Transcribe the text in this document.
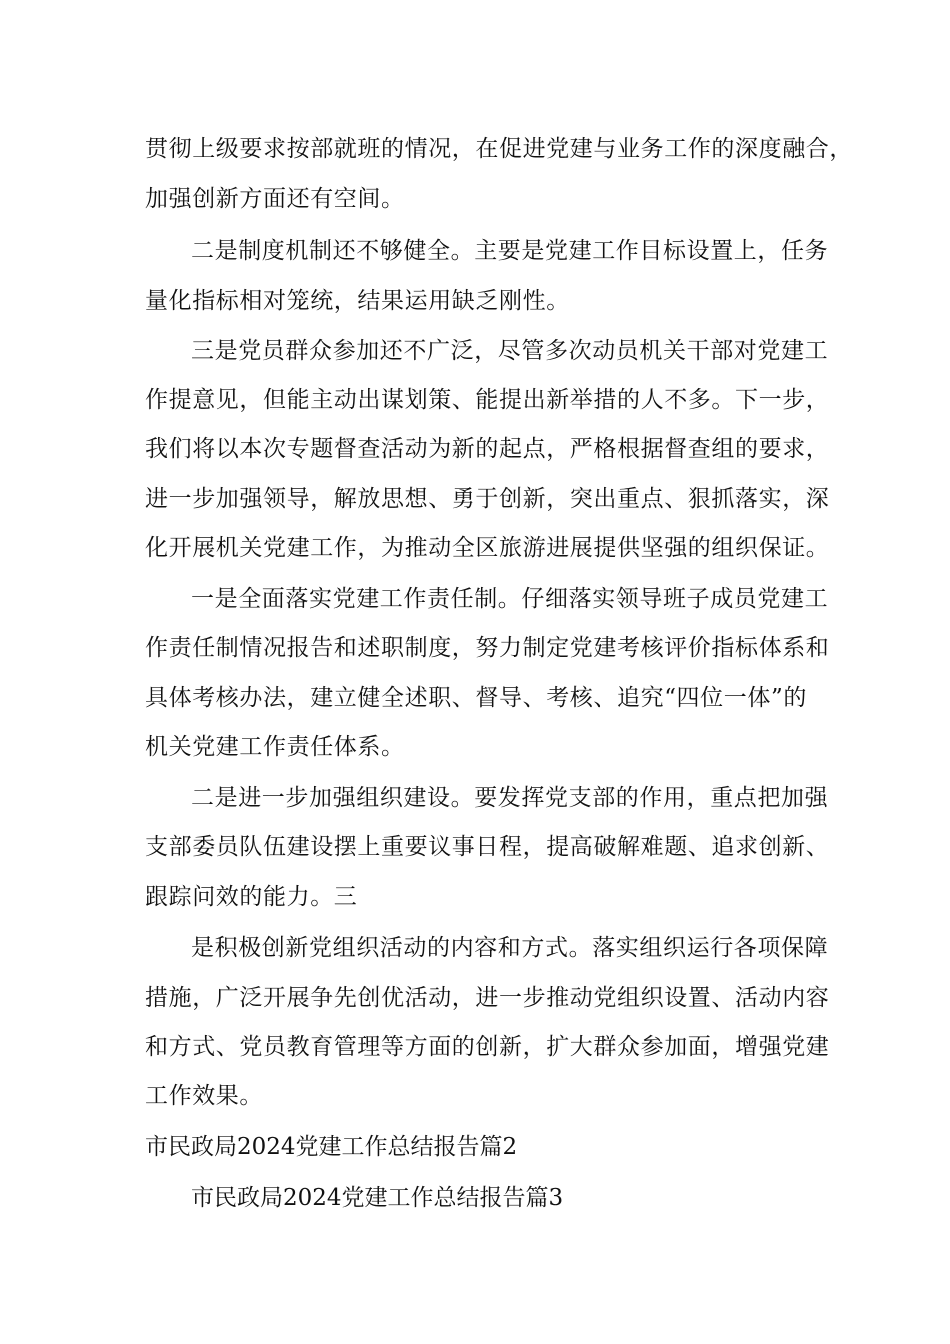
贯彻上级要求按部就班的情况，在促进党建与业务工作的深度融合，
加强创新方面还有空间。
二是制度机制还不够健全。主要是党建工作目标设置上，任务
量化指标相对笼统，结果运用缺乏刚性。
三是党员群众参加还不广泛，尽管多次动员机关干部对党建工
作提意见，但能主动出谋划策、能提出新举措的人不多。下一步，
我们将以本次专题督查活动为新的起点，严格根据督查组的要求，
进一步加强领导，解放思想、勇于创新，突出重点、狠抓落实，深
化开展机关党建工作，为推动全区旅游进展提供坚强的组织保证。
一是全面落实党建工作责任制。仔细落实领导班子成员党建工
作责任制情况报告和述职制度，努力制定党建考核评价指标体系和
具体考核办法，建立健全述职、督导、考核、追究“四位一体”的
机关党建工作责任体系。
二是进一步加强组织建设。要发挥党支部的作用，重点把加强
支部委员队伍建设摆上重要议事日程，提高破解难题、追求创新、
跟踪问效的能力。三
是积极创新党组织活动的内容和方式。落实组织运行各项保障
措施，广泛开展争先创优活动，进一步推动党组织设置、活动内容
和方式、党员教育管理等方面的创新，扩大群众参加面，增强党建
工作效果。
市民政局2024党建工作总结报告篇2
市民政局2024党建工作总结报告篇3
